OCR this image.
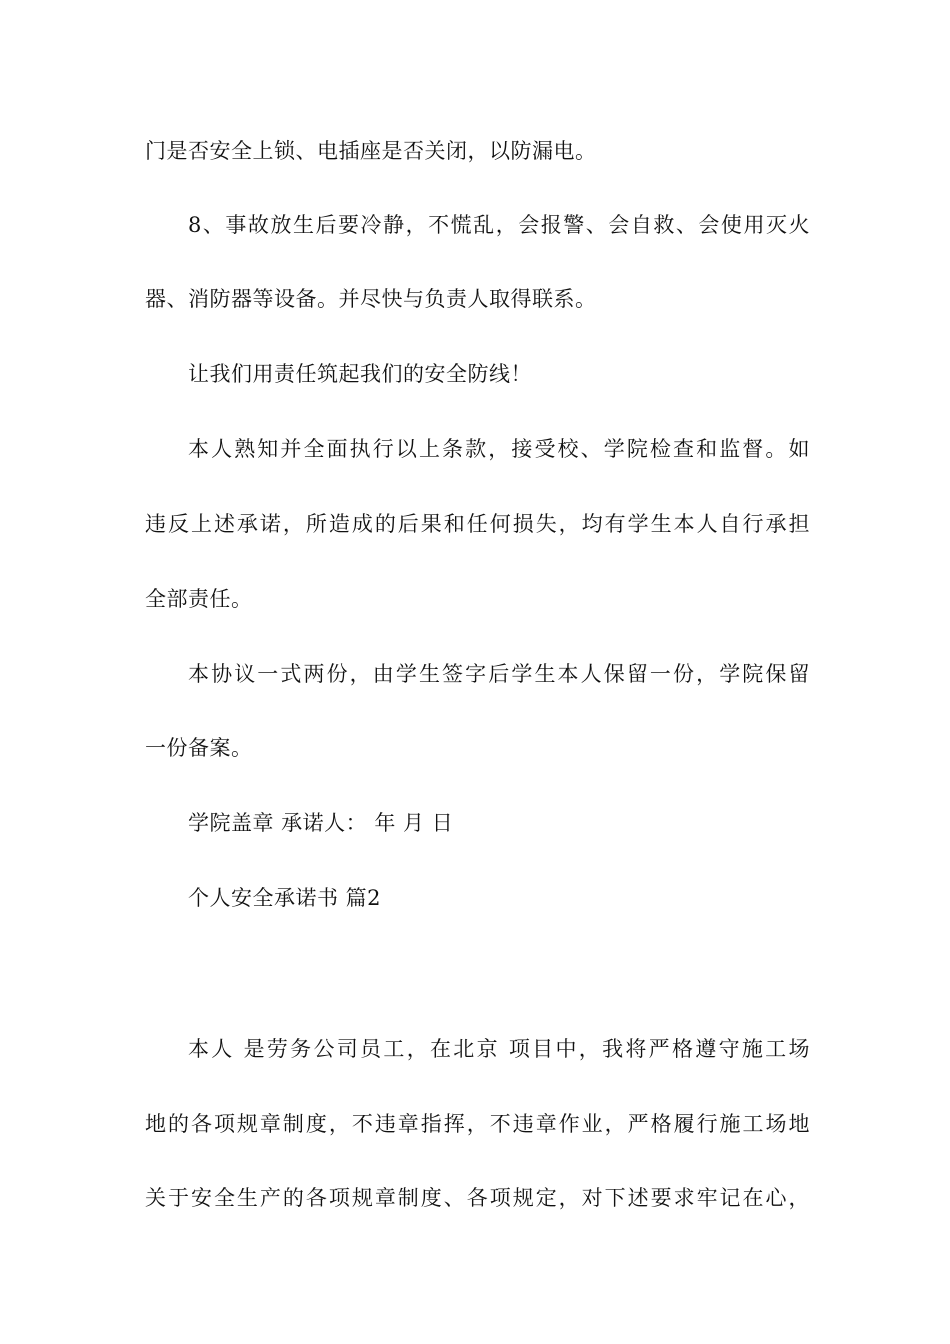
门是否安全上锁、电插座是否关闭，以防漏电。
8、事故放生后要冷静，不慌乱，会报警、会自救、会使用灭火
器、消防器等设备。并尽快与负责人取得联系。
让我们用责任筑起我们的安全防线！
本人熟知并全面执行以上条款，接受校、学院检查和监督。如
违反上述承诺，所造成的后果和任何损失，均有学生本人自行承担
全部责任。
本协议一式两份，由学生签字后学生本人保留一份，学院保留
一份备案。
学院盖章 承诺人： 年 月 日
个人安全承诺书 篇2
本人 是劳务公司员工，在北京 项目中，我将严格遵守施工场
地的各项规章制度，不违章指挥，不违章作业，严格履行施工场地
关于安全生产的各项规章制度、各项规定，对下述要求牢记在心，
